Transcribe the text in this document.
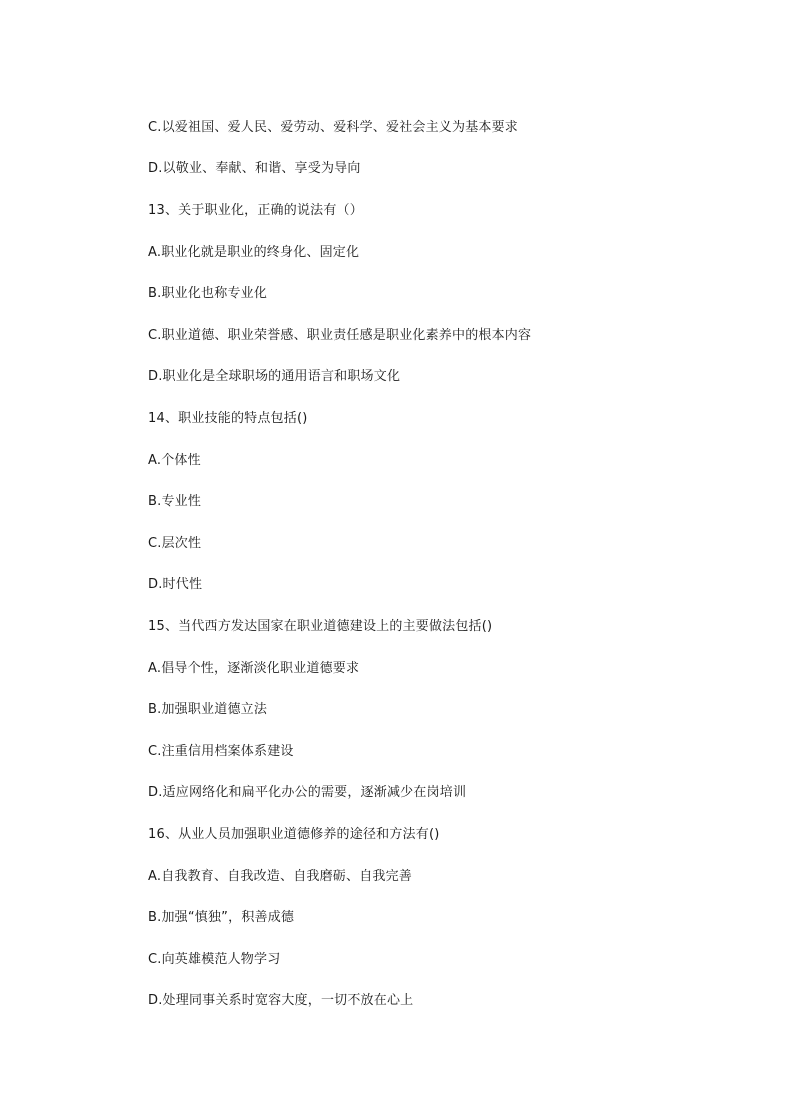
C.以爱祖国、爱人民、爱劳动、爱科学、爱社会主义为基本要求
D.以敬业、奉献、和谐、享受为导向
13、关于职业化，正确的说法有（）
A.职业化就是职业的终身化、固定化
B.职业化也称专业化
C.职业道德、职业荣誉感、职业责任感是职业化素养中的根本内容
D.职业化是全球职场的通用语言和职场文化
14、职业技能的特点包括()
A.个体性
B.专业性
C.层次性
D.时代性
15、当代西方发达国家在职业道德建设上的主要做法包括()
A.倡导个性，逐渐淡化职业道德要求
B.加强职业道德立法
C.注重信用档案体系建设
D.适应网络化和扁平化办公的需要，逐渐减少在岗培训
16、从业人员加强职业道德修养的途径和方法有()
A.自我教育、自我改造、自我磨砺、自我完善
B.加强“慎独”，积善成德
C.向英雄模范人物学习
D.处理同事关系时宽容大度，一切不放在心上
